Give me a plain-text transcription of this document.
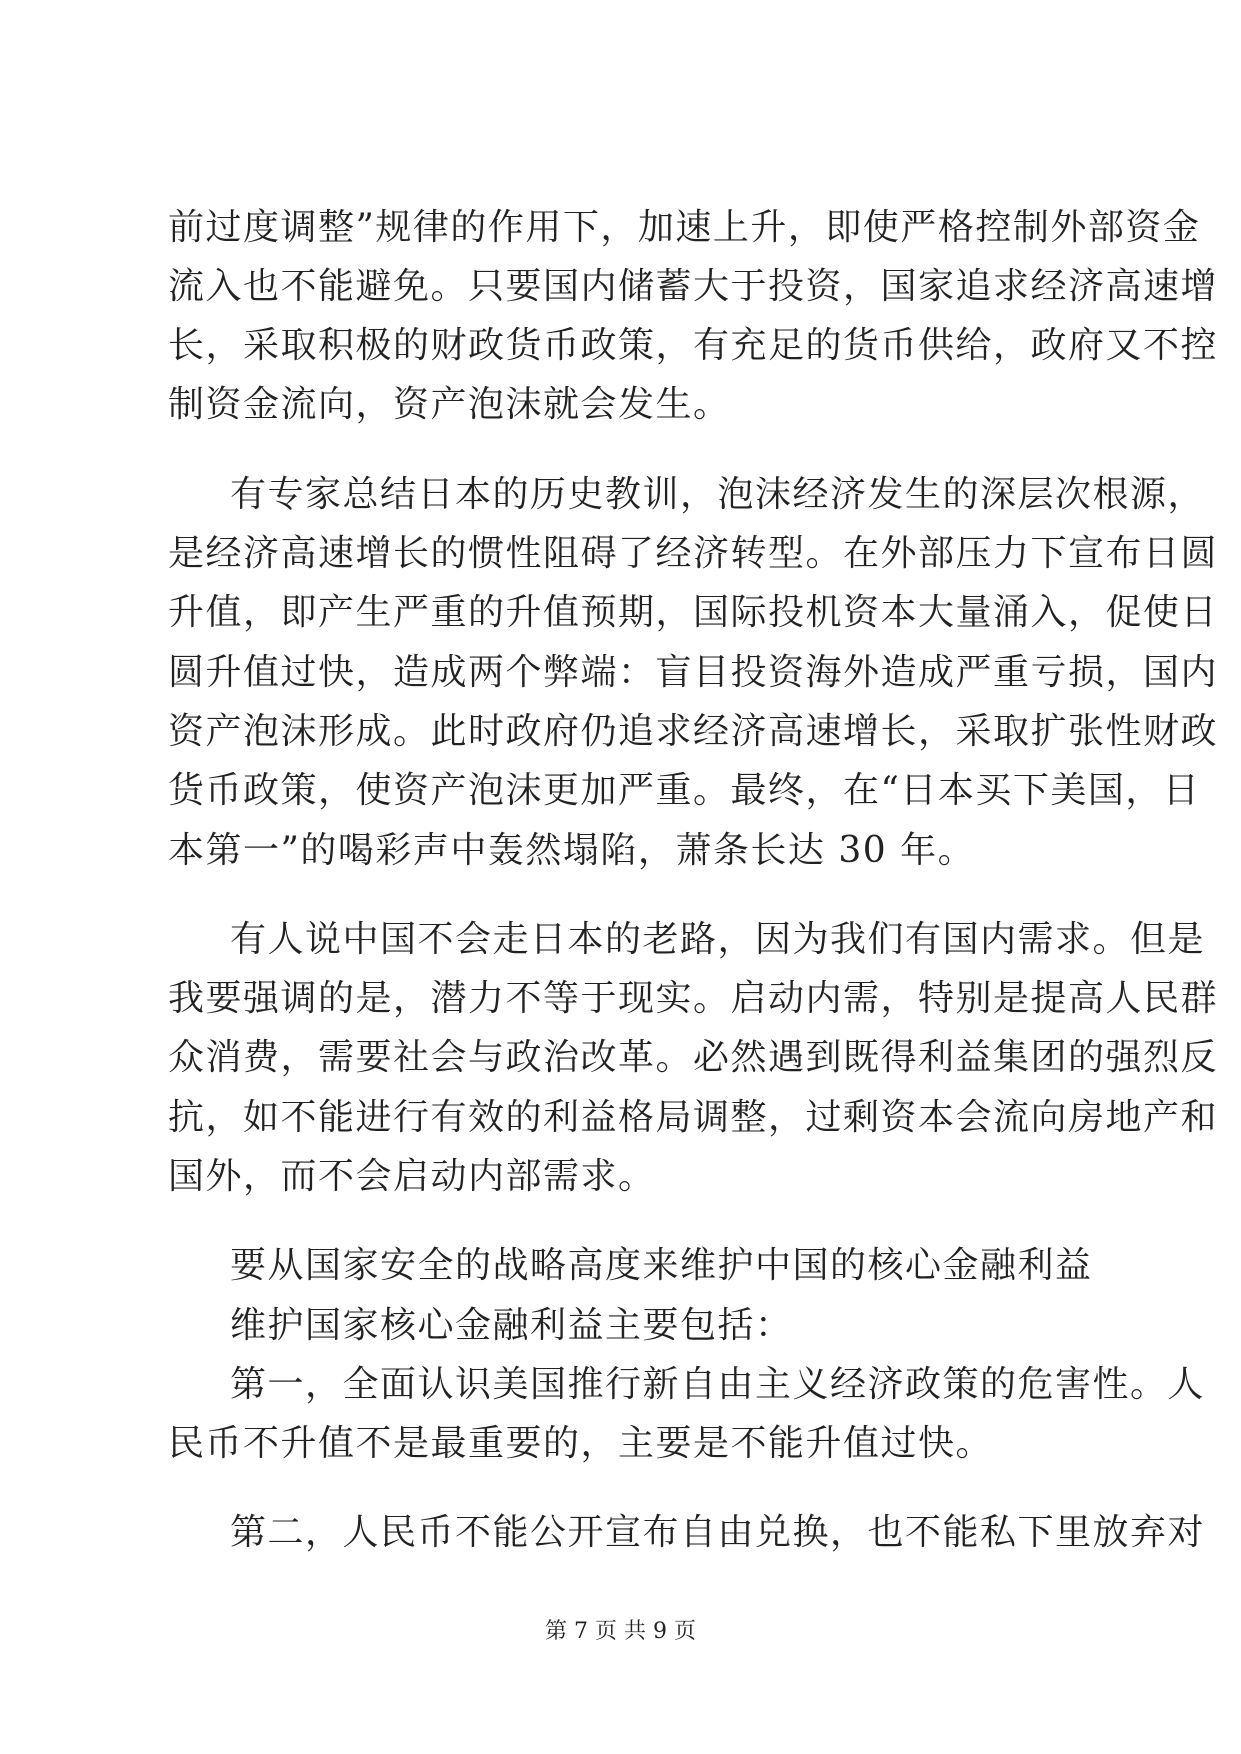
前过度调整”规律的作用下，加速上升，即使严格控制外部资金

流入也不能避免。只要国内储蓄大于投资，国家追求经济高速增

长，采取积极的财政货币政策，有充足的货币供给，政府又不控

制资金流向，资产泡沫就会发生。

有专家总结日本的历史教训，泡沫经济发生的深层次根源，

是经济高速增长的惯性阻碍了经济转型。在外部压力下宣布日圆

升值，即产生严重的升值预期，国际投机资本大量涌入，促使日

圆升值过快，造成两个弊端：盲目投资海外造成严重亏损，国内

资产泡沫形成。此时政府仍追求经济高速增长，采取扩张性财政

货币政策，使资产泡沫更加严重。最终，在“日本买下美国，日

本第一”的喝彩声中轰然塌陷，萧条长达 30 年。

有人说中国不会走日本的老路，因为我们有国内需求。但是

我要强调的是，潜力不等于现实。启动内需，特别是提高人民群

众消费，需要社会与政治改革。必然遇到既得利益集团的强烈反

抗，如不能进行有效的利益格局调整，过剩资本会流向房地产和

国外，而不会启动内部需求。

要从国家安全的战略高度来维护中国的核心金融利益

维护国家核心金融利益主要包括：

第一，全面认识美国推行新自由主义经济政策的危害性。人

民币不升值不是最重要的，主要是不能升值过快。

第二，人民币不能公开宣布自由兑换，也不能私下里放弃对

第 7 页 共 9 页
